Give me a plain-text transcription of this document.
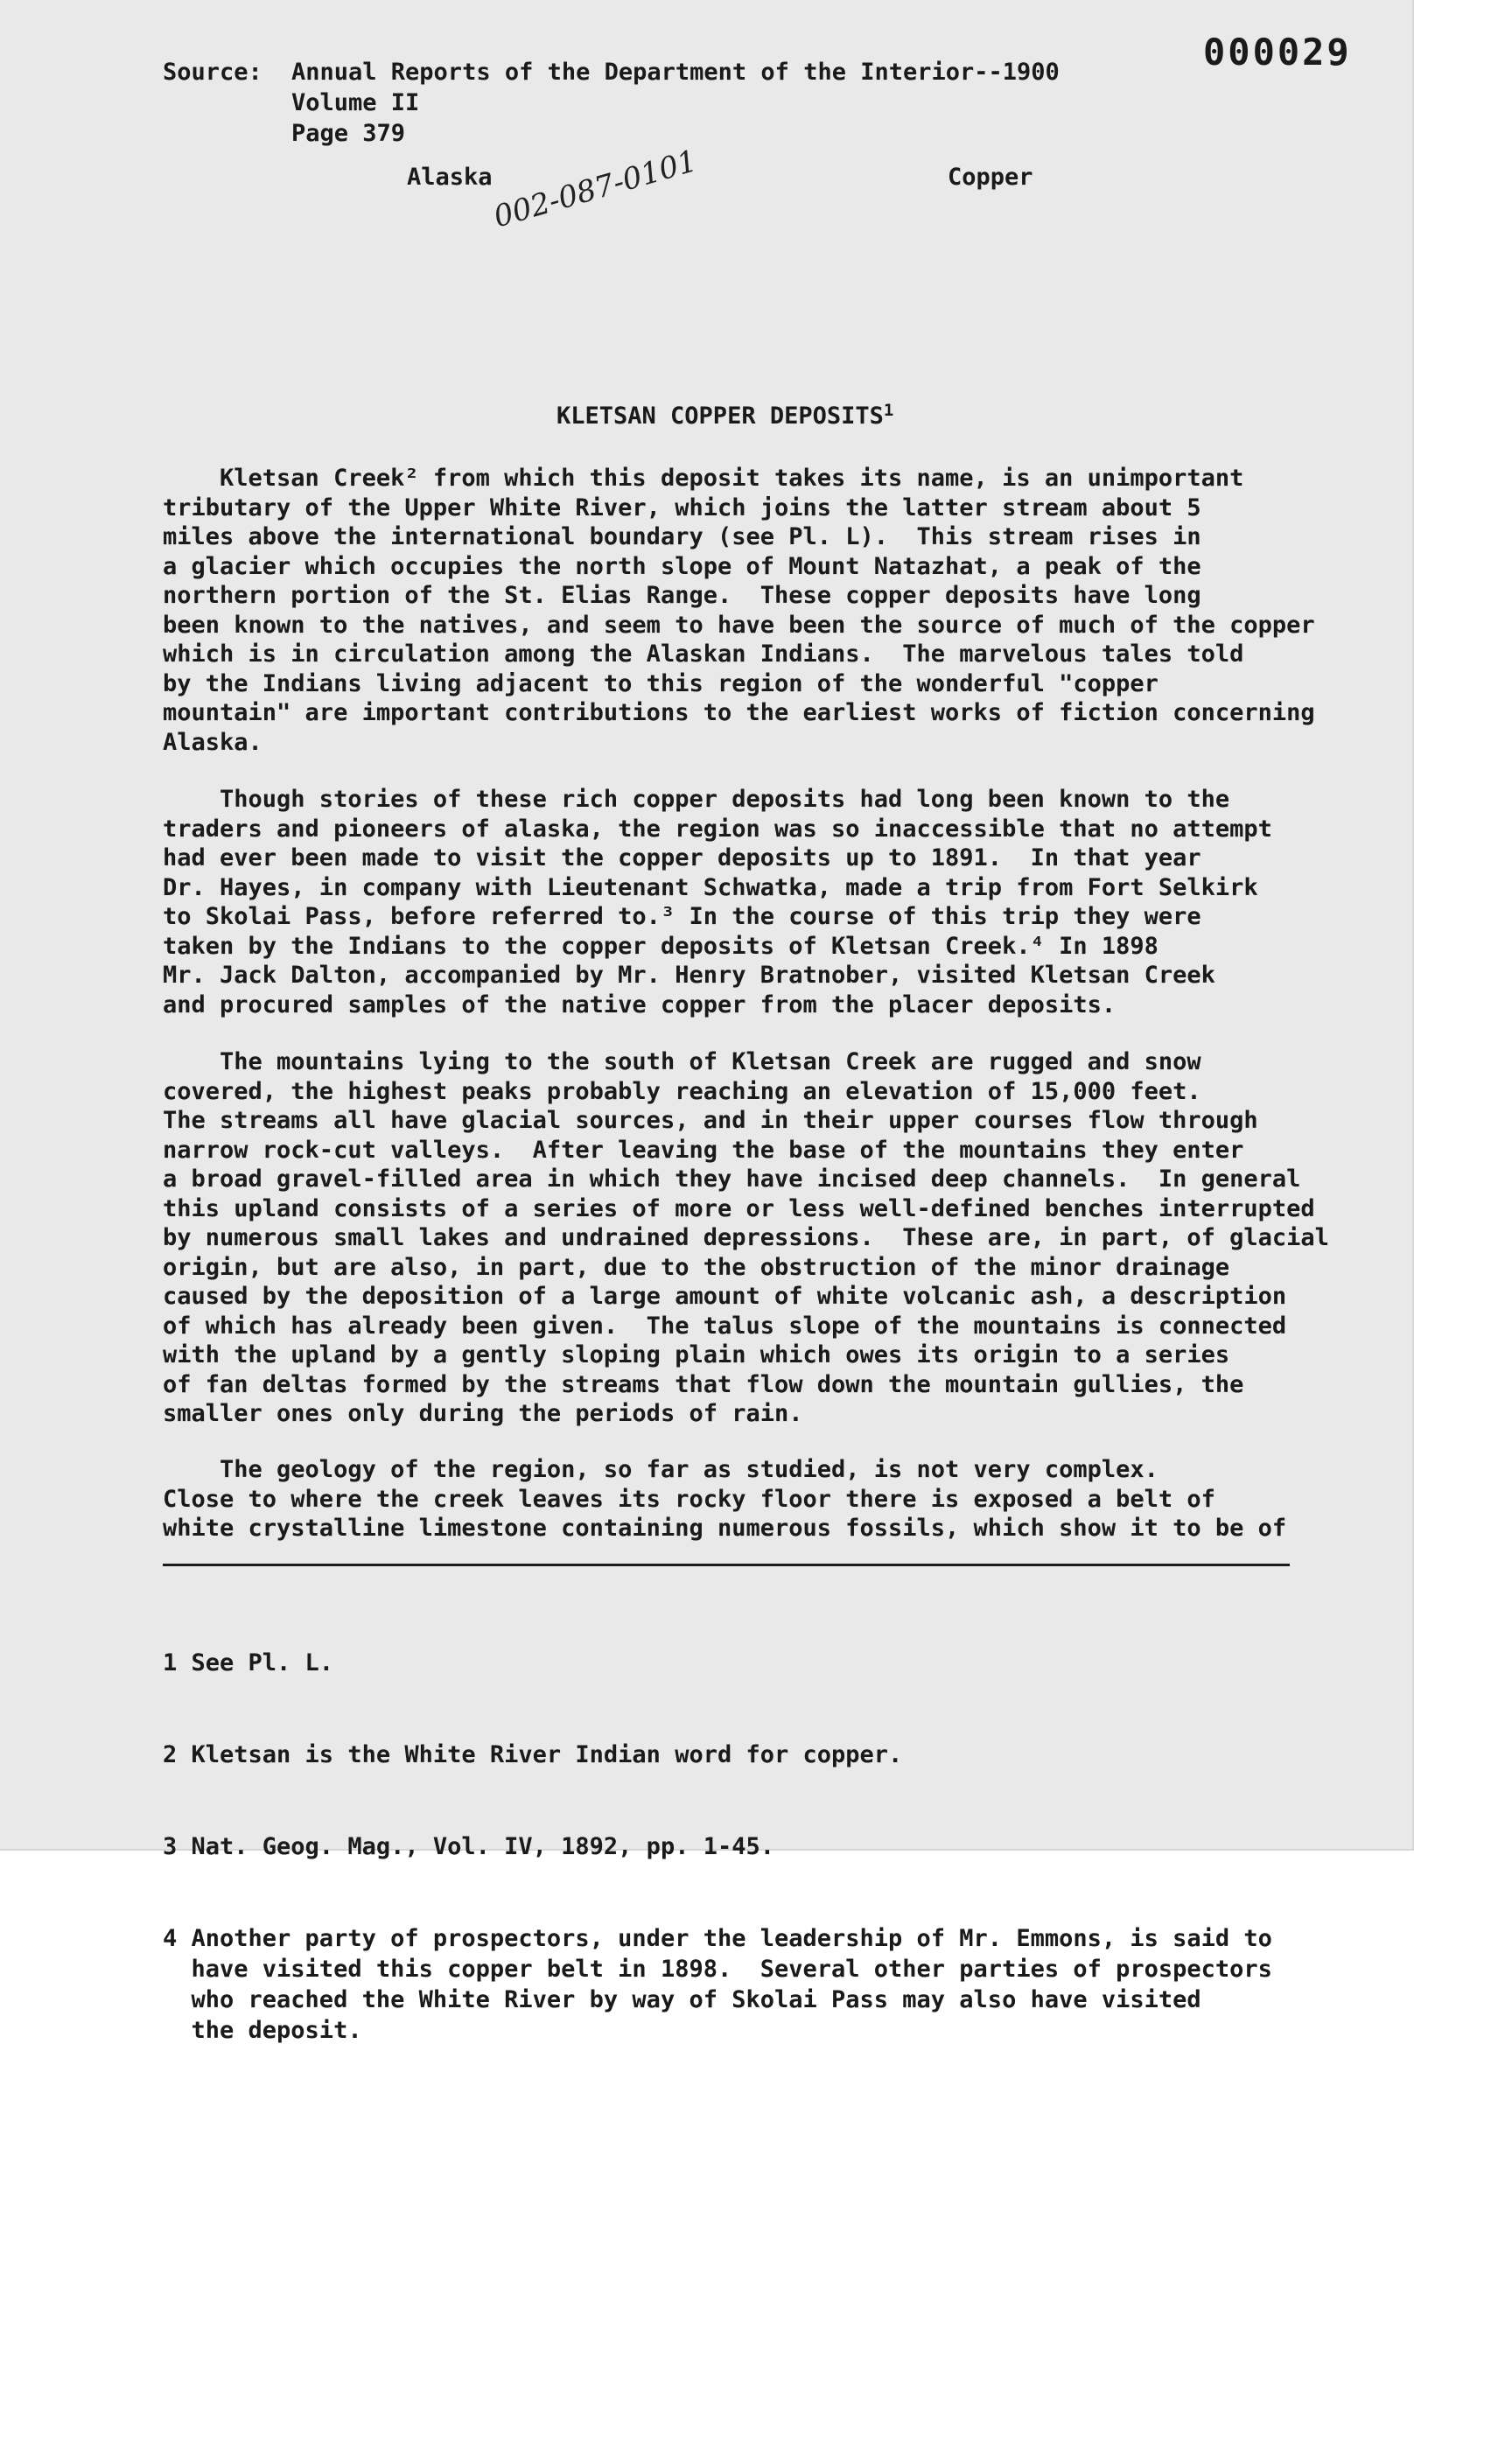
000029
Source: Annual Reports of the Department of the Interior--1900
Volume II
Page 379
Alaska	Copper
002-087-0101
KLETSAN COPPER DEPOSITS$^1$
Kletsan Creek² from which this deposit takes its name, is an unimportant
tributary of the Upper White River, which joins the latter stream about 5
miles above the international boundary (see Pl. L).  This stream rises in
a glacier which occupies the north slope of Mount Natazhat, a peak of the
northern portion of the St. Elias Range.  These copper deposits have long
been known to the natives, and seem to have been the source of much of the copper
which is in circulation among the Alaskan Indians.  The marvelous tales told
by the Indians living adjacent to this region of the wonderful "copper
mountain" are important contributions to the earliest works of fiction concerning
Alaska.
Though stories of these rich copper deposits had long been known to the
traders and pioneers of alaska, the region was so inaccessible that no attempt
had ever been made to visit the copper deposits up to 1891.  In that year
Dr. Hayes, in company with Lieutenant Schwatka, made a trip from Fort Selkirk
to Skolai Pass, before referred to.³ In the course of this trip they were
taken by the Indians to the copper deposits of Kletsan Creek.⁴ In 1898
Mr. Jack Dalton, accompanied by Mr. Henry Bratnober, visited Kletsan Creek
and procured samples of the native copper from the placer deposits.
The mountains lying to the south of Kletsan Creek are rugged and snow
covered, the highest peaks probably reaching an elevation of 15,000 feet.
The streams all have glacial sources, and in their upper courses flow through
narrow rock-cut valleys.  After leaving the base of the mountains they enter
a broad gravel-filled area in which they have incised deep channels.  In general
this upland consists of a series of more or less well-defined benches interrupted
by numerous small lakes and undrained depressions.  These are, in part, of glacial
origin, but are also, in part, due to the obstruction of the minor drainage
caused by the deposition of a large amount of white volcanic ash, a description
of which has already been given.  The talus slope of the mountains is connected
with the upland by a gently sloping plain which owes its origin to a series
of fan deltas formed by the streams that flow down the mountain gullies, the
smaller ones only during the periods of rain.
The geology of the region, so far as studied, is not very complex.
Close to where the creek leaves its rocky floor there is exposed a belt of
white crystalline limestone containing numerous fossils, which show it to be of

1 See Pl. L.

2 Kletsan is the White River Indian word for copper.

3 Nat. Geog. Mag., Vol. IV, 1892, pp. 1-45.

4 Another party of prospectors, under the leadership of Mr. Emmons, is said to
have visited this copper belt in 1898.  Several other parties of prospectors
who reached the White River by way of Skolai Pass may also have visited
the deposit.
